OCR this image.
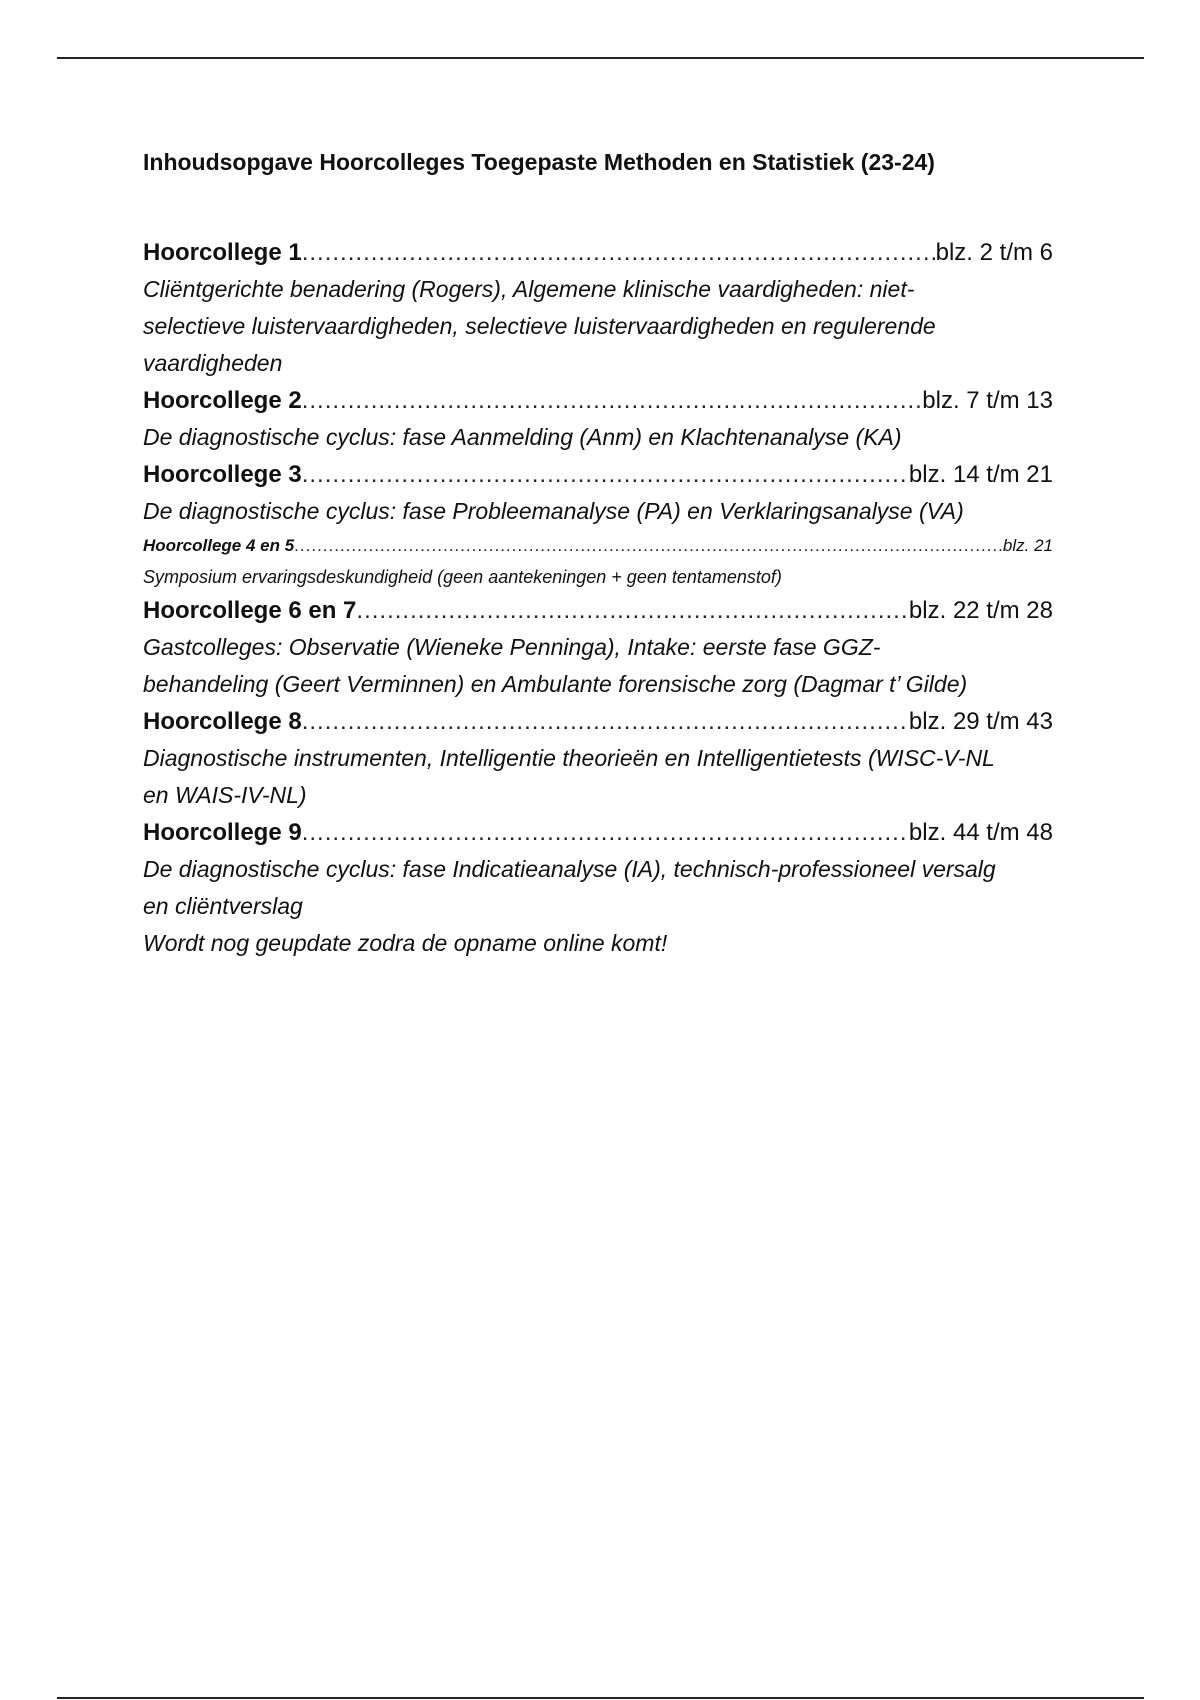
Inhoudsopgave Hoorcolleges Toegepaste Methoden en Statistiek (23-24)
Hoorcollege 1 .....	blz. 2 t/m 6
Cliëntgerichte benadering (Rogers), Algemene klinische vaardigheden: niet-selectieve luistervaardigheden, selectieve luistervaardigheden en regulerende vaardigheden
Hoorcollege 2 .....	blz. 7 t/m 13
De diagnostische cyclus: fase Aanmelding (Anm) en Klachtenanalyse (KA)
Hoorcollege 3 .....	blz. 14 t/m 21
De diagnostische cyclus: fase Probleemanalyse (PA) en Verklaringsanalyse (VA)
Hoorcollege 4 en 5 .....	blz. 21
Symposium ervaringsdeskundigheid (geen aantekeningen + geen tentamenstof)
Hoorcollege 6 en 7 .....	blz. 22 t/m 28
Gastcolleges: Observatie (Wieneke Penninga), Intake: eerste fase GGZ-behandeling (Geert Verminnen) en Ambulante forensische zorg (Dagmar t’ Gilde)
Hoorcollege 8 .....	blz. 29 t/m 43
Diagnostische instrumenten, Intelligentie theorieën en Intelligentietests (WISC-V-NL en WAIS-IV-NL)
Hoorcollege 9 .....	blz. 44 t/m 48
De diagnostische cyclus: fase Indicatieanalyse (IA), technisch-professioneel versalg en cliëntverslag
Wordt nog geupdate zodra de opname online komt!
